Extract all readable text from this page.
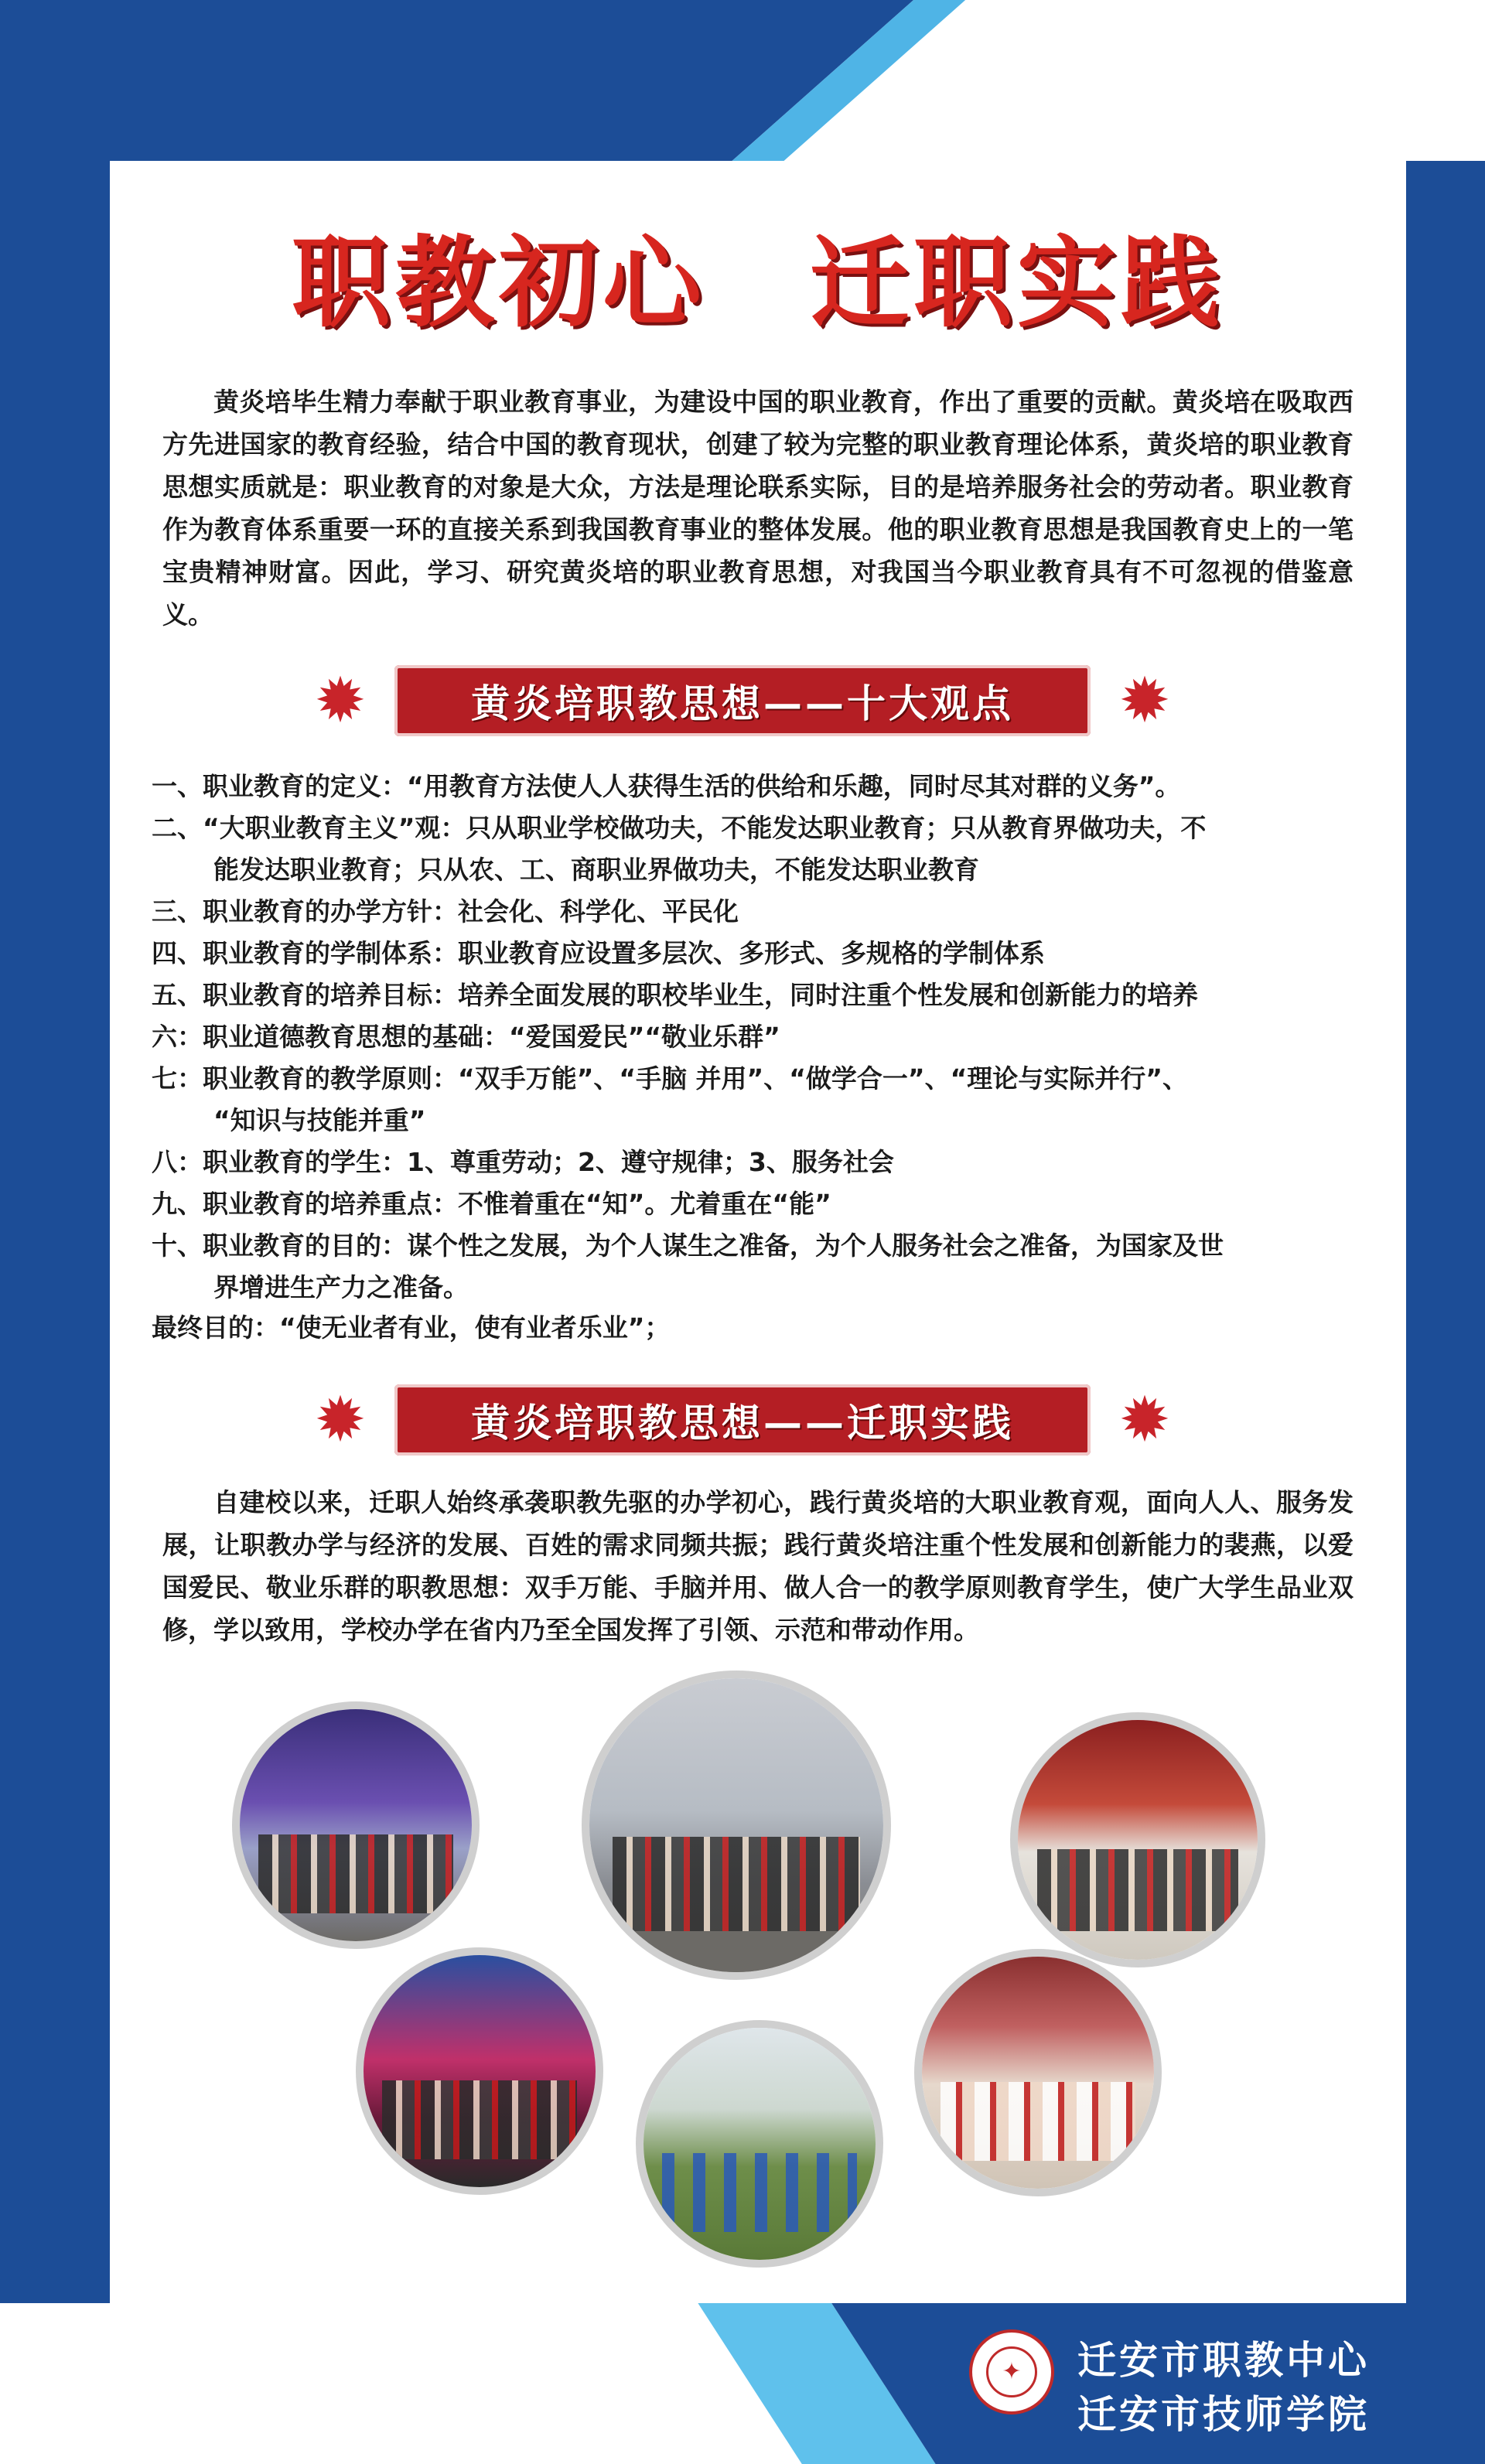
职教初心　迁职实践

黄炎培毕生精力奉献于职业教育事业，为建设中国的职业教育，作出了重要的贡献。黄炎培在吸取西方先进国家的教育经验，结合中国的教育现状，创建了较为完整的职业教育理论体系，黄炎培的职业教育思想实质就是：职业教育的对象是大众，方法是理论联系实际，目的是培养服务社会的劳动者。职业教育作为教育体系重要一环的直接关系到我国教育事业的整体发展。他的职业教育思想是我国教育史上的一笔宝贵精神财富。因此，学习、研究黄炎培的职业教育思想，对我国当今职业教育具有不可忽视的借鉴意义。

✹	黄炎培职教思想——十大观点 ✹
一、职业教育的定义：“用教育方法使人人获得生活的供给和乐趣，同时尽其对群的义务”。
二、“大职业教育主义”观：只从职业学校做功夫，不能发达职业教育；只从教育界做功夫，不
能发达职业教育；只从农、工、商职业界做功夫，不能发达职业教育
三、职业教育的办学方针：社会化、科学化、平民化
四、职业教育的学制体系：职业教育应设置多层次、多形式、多规格的学制体系
五、职业教育的培养目标：培养全面发展的职校毕业生，同时注重个性发展和创新能力的培养
六：职业道德教育思想的基础：“爱国爱民”“敬业乐群”
七：职业教育的教学原则：“双手万能”、“手脑 并用”、“做学合一”、“理论与实际并行”、
“知识与技能并重”
八：职业教育的学生：1、尊重劳动；2、遵守规律；3、服务社会
九、职业教育的培养重点：不惟着重在“知”。尤着重在“能”
十、职业教育的目的：谋个性之发展，为个人谋生之准备，为个人服务社会之准备，为国家及世
界增进生产力之准备。
最终目的：“使无业者有业，使有业者乐业”；
✹	黄炎培职教思想——迁职实践 ✹

自建校以来，迁职人始终承袭职教先驱的办学初心，践行黄炎培的大职业教育观，面向人人、服务发展，让职教办学与经济的发展、百姓的需求同频共振；践行黄炎培注重个性发展和创新能力的裴燕，以爱国爱民、敬业乐群的职教思想：双手万能、手脑并用、做人合一的教学原则教育学生，使广大学生品业双修，学以致用，学校办学在省内乃至全国发挥了引领、示范和带动作用。

✦	迁安市职教中心
迁安市技师学院
